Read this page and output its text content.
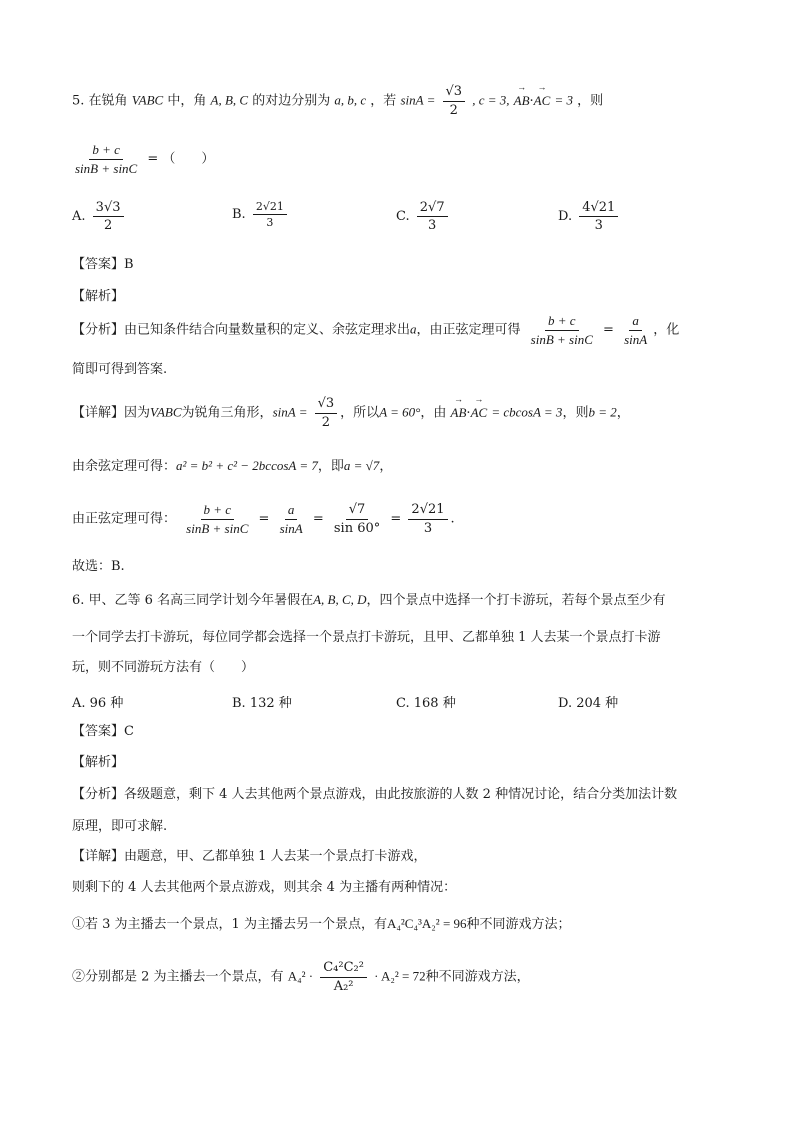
5. 在锐角 VABC 中，角 A, B, C 的对边分别为 a, b, c ，若 $\sin A = \frac{√3}{2}$ , c = 3, → AB·→ AC = 3 ，则
$\frac{b + c}{\sin B + \sin C}$ = （　　）
A. $\frac{3√3}{2}$	B. $\frac{2√21}{3}$	C. $\frac{2√7}{3}$	D. $\frac{4√21}{3}$
【答案】B
【解析】
【分析】由已知条件结合向量数量积的定义、余弦定理求出a，由正弦定理可得 $\frac{b + c}{\sin B + \sin C} = \frac{a}{\sin A}$ ，化
简即可得到答案.
【详解】因为VABC为锐角三角形，$\sin A = \frac{√3}{2}$ ，所以A = 60°，由 → AB·→ AC = cbcosA = 3，则b = 2，
由余弦定理可得：a² = b² + c² − 2bccosA = 7，即a = √7，
由正弦定理可得： $\frac{b + c}{\sin B + \sin C} = \frac{a}{\sin A} = \frac{√7}{\sin 60^\circ} = \frac{2√21}{3}$ .
故选：B.
6. 甲、乙等 6 名高三同学计划今年暑假在A, B, C, D，四个景点中选择一个打卡游玩，若每个景点至少有
一个同学去打卡游玩，每位同学都会选择一个景点打卡游玩，且甲、乙都单独 1 人去某一个景点打卡游
玩，则不同游玩方法有（　　）
A. 96 种	B. 132 种	C. 168 种	D. 204 种
【答案】C
【解析】
【分析】各级题意，剩下 4 人去其他两个景点游戏，由此按旅游的人数 2 种情况讨论，结合分类加法计数
原理，即可求解.
【详解】由题意，甲、乙都单独 1 人去某一个景点打卡游戏，
则剩下的 4 人去其他两个景点游戏，则其余 4 为主播有两种情况：
①若 3 为主播去一个景点，1 为主播去另一个景点，有A₄²C₄³A₂² = 96种不同游戏方法；
②分别都是 2 为主播去一个景点，有 $A_4^2 \cdot \frac{\text{C₄²C₂²}}{\text{A₂²}} \cdot A_2^2 = 72$种不同游戏方法，
